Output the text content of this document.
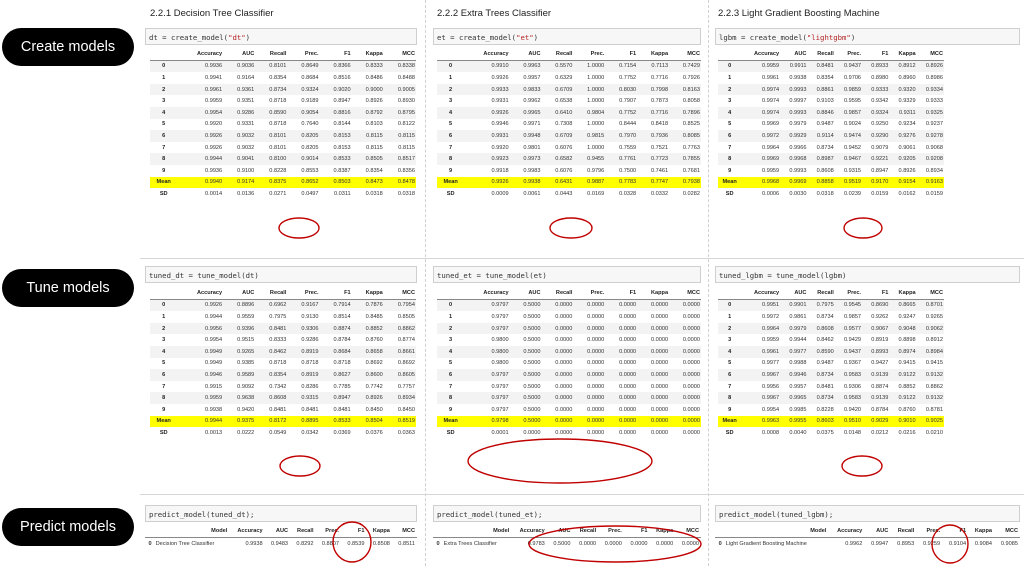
Create models
Tune models
Predict models
2.2.1 Decision Tree Classifier	2.2.2 Extra Trees Classifier	2.2.3 Light Gradient Boosting Machine
dt = create_model("dt")	et = create_model("et")	lgbm = create_model("lightgbm")
tuned_dt = tune_model(dt)	tuned_et = tune_model(et)	tuned_lgbm = tune_model(lgbm)
predict_model(tuned_dt);	predict_model(tuned_et);	predict_model(tuned_lgbm);
	Accuracy	AUC	Recall	Prec.	F1	Kappa	MCC
0	0.9936	0.9036	0.8101	0.8649	0.8366	0.8333	0.8338
1	0.9941	0.9164	0.8354	0.8684	0.8516	0.8486	0.8488
2	0.9961	0.9361	0.8734	0.9324	0.9020	0.9000	0.9005
3	0.9959	0.9351	0.8718	0.9189	0.8947	0.8926	0.8930
4	0.9954	0.9286	0.8590	0.9054	0.8816	0.8792	0.8795
5	0.9920	0.9331	0.8718	0.7640	0.8144	0.8103	0.8122
6	0.9926	0.9032	0.8101	0.8205	0.8153	0.8115	0.8115
7	0.9926	0.9032	0.8101	0.8205	0.8153	0.8115	0.8115
8	0.9944	0.9041	0.8100	0.9014	0.8533	0.8505	0.8517
9	0.9936	0.9100	0.8228	0.8553	0.8387	0.8354	0.8356
Mean	0.9940	0.9174	0.8375	0.8652	0.8503	0.8473	0.8478
SD	0.0014	0.0136	0.0271	0.0497	0.0311	0.0318	0.0318
	Accuracy	AUC	Recall	Prec.	F1	Kappa	MCC
0	0.9910	0.9963	0.5570	1.0000	0.7154	0.7113	0.7429
1	0.9926	0.9957	0.6329	1.0000	0.7752	0.7716	0.7926
2	0.9933	0.9833	0.6709	1.0000	0.8030	0.7998	0.8163
3	0.9931	0.9962	0.6538	1.0000	0.7907	0.7873	0.8058
4	0.9926	0.9965	0.6410	0.9804	0.7752	0.7716	0.7896
5	0.9946	0.9971	0.7308	1.0000	0.8444	0.8418	0.8525
6	0.9931	0.9948	0.6709	0.9815	0.7970	0.7936	0.8085
7	0.9920	0.9801	0.6076	1.0000	0.7559	0.7521	0.7763
8	0.9923	0.9973	0.6582	0.9455	0.7761	0.7723	0.7855
9	0.9918	0.9983	0.6076	0.9796	0.7500	0.7461	0.7681
Mean	0.9926	0.9938	0.6431	0.9887	0.7783	0.7747	0.7938
SD	0.0009	0.0061	0.0443	0.0169	0.0328	0.0332	0.0282
	Accuracy	AUC	Recall	Prec.	F1	Kappa	MCC
0	0.9959	0.9911	0.8481	0.9437	0.8933	0.8912	0.8926
1	0.9961	0.9938	0.8354	0.9706	0.8980	0.8960	0.8986
2	0.9974	0.9993	0.8861	0.9859	0.9333	0.9320	0.9334
3	0.9974	0.9997	0.9103	0.9595	0.9342	0.9329	0.9333
4	0.9974	0.9993	0.8846	0.9857	0.9324	0.9311	0.9325
5	0.9969	0.9979	0.9487	0.9024	0.9250	0.9234	0.9237
6	0.9972	0.9929	0.9114	0.9474	0.9290	0.9276	0.9278
7	0.9964	0.9966	0.8734	0.9452	0.9079	0.9061	0.9068
8	0.9969	0.9968	0.8987	0.9467	0.9221	0.9205	0.9208
9	0.9959	0.9993	0.8608	0.9315	0.8947	0.8926	0.8934
Mean	0.9968	0.9969	0.8858	0.9519	0.9170	0.9154	0.9163
SD	0.0006	0.0030	0.0318	0.0239	0.0159	0.0162	0.0159
	Accuracy	AUC	Recall	Prec.	F1	Kappa	MCC
0	0.9926	0.8896	0.6962	0.9167	0.7914	0.7876	0.7954
1	0.9944	0.9559	0.7975	0.9130	0.8514	0.8485	0.8505
2	0.9956	0.9396	0.8481	0.9306	0.8874	0.8852	0.8862
3	0.9954	0.9515	0.8333	0.9286	0.8784	0.8760	0.8774
4	0.9949	0.9265	0.8462	0.8919	0.8684	0.8658	0.8661
5	0.9949	0.9385	0.8718	0.8718	0.8718	0.8692	0.8692
6	0.9946	0.9589	0.8354	0.8919	0.8627	0.8600	0.8605
7	0.9915	0.9092	0.7342	0.8286	0.7785	0.7742	0.7757
8	0.9959	0.9638	0.8608	0.9315	0.8947	0.8926	0.8934
9	0.9938	0.9420	0.8481	0.8481	0.8481	0.8450	0.8450
Mean	0.9944	0.9375	0.8172	0.8895	0.8533	0.8504	0.8519
SD	0.0013	0.0222	0.0549	0.0342	0.0369	0.0376	0.0363
	Accuracy	AUC	Recall	Prec.	F1	Kappa	MCC
0	0.9797	0.5000	0.0000	0.0000	0.0000	0.0000	0.0000
1	0.9797	0.5000	0.0000	0.0000	0.0000	0.0000	0.0000
2	0.9797	0.5000	0.0000	0.0000	0.0000	0.0000	0.0000
3	0.9800	0.5000	0.0000	0.0000	0.0000	0.0000	0.0000
4	0.9800	0.5000	0.0000	0.0000	0.0000	0.0000	0.0000
5	0.9800	0.5000	0.0000	0.0000	0.0000	0.0000	0.0000
6	0.9797	0.5000	0.0000	0.0000	0.0000	0.0000	0.0000
7	0.9797	0.5000	0.0000	0.0000	0.0000	0.0000	0.0000
8	0.9797	0.5000	0.0000	0.0000	0.0000	0.0000	0.0000
9	0.9797	0.5000	0.0000	0.0000	0.0000	0.0000	0.0000
Mean	0.9798	0.5000	0.0000	0.0000	0.0000	0.0000	0.0000
SD	0.0001	0.0000	0.0000	0.0000	0.0000	0.0000	0.0000
	Accuracy	AUC	Recall	Prec.	F1	Kappa	MCC
0	0.9951	0.9901	0.7975	0.9545	0.8690	0.8665	0.8701
1	0.9972	0.9861	0.8734	0.9857	0.9262	0.9247	0.9265
2	0.9964	0.9979	0.8608	0.9577	0.9067	0.9048	0.9062
3	0.9959	0.9944	0.8462	0.9429	0.8919	0.8898	0.8912
4	0.9961	0.9977	0.8590	0.9437	0.8993	0.8974	0.8984
5	0.9977	0.9988	0.9487	0.9367	0.9427	0.9415	0.9415
6	0.9967	0.9946	0.8734	0.9583	0.9139	0.9122	0.9132
7	0.9956	0.9957	0.8481	0.9306	0.8874	0.8852	0.8862
8	0.9967	0.9965	0.8734	0.9583	0.9139	0.9122	0.9132
9	0.9954	0.9985	0.8228	0.9420	0.8784	0.8760	0.8781
Mean	0.9963	0.9955	0.8603	0.9510	0.9029	0.9010	0.9025
SD	0.0008	0.0040	0.0375	0.0148	0.0212	0.0216	0.0210
	Model	Accuracy	AUC	Recall	Prec.	F1	Kappa	MCC
0	Decision Tree Classifier	0.9938	0.9483	0.8292	0.8807	0.8539	0.8508	0.8511
	Model	Accuracy	AUC	Recall	Prec.	F1	Kappa	MCC
0	Extra Trees Classifier	0.9783	0.5000	0.0000	0.0000	0.0000	0.0000	0.0000
	Model	Accuracy	AUC	Recall	Prec.	F1	Kappa	MCC
0	Light Gradient Boosting Machine	0.9962	0.9947	0.8953	0.9259	0.9104	0.9084	0.9085
